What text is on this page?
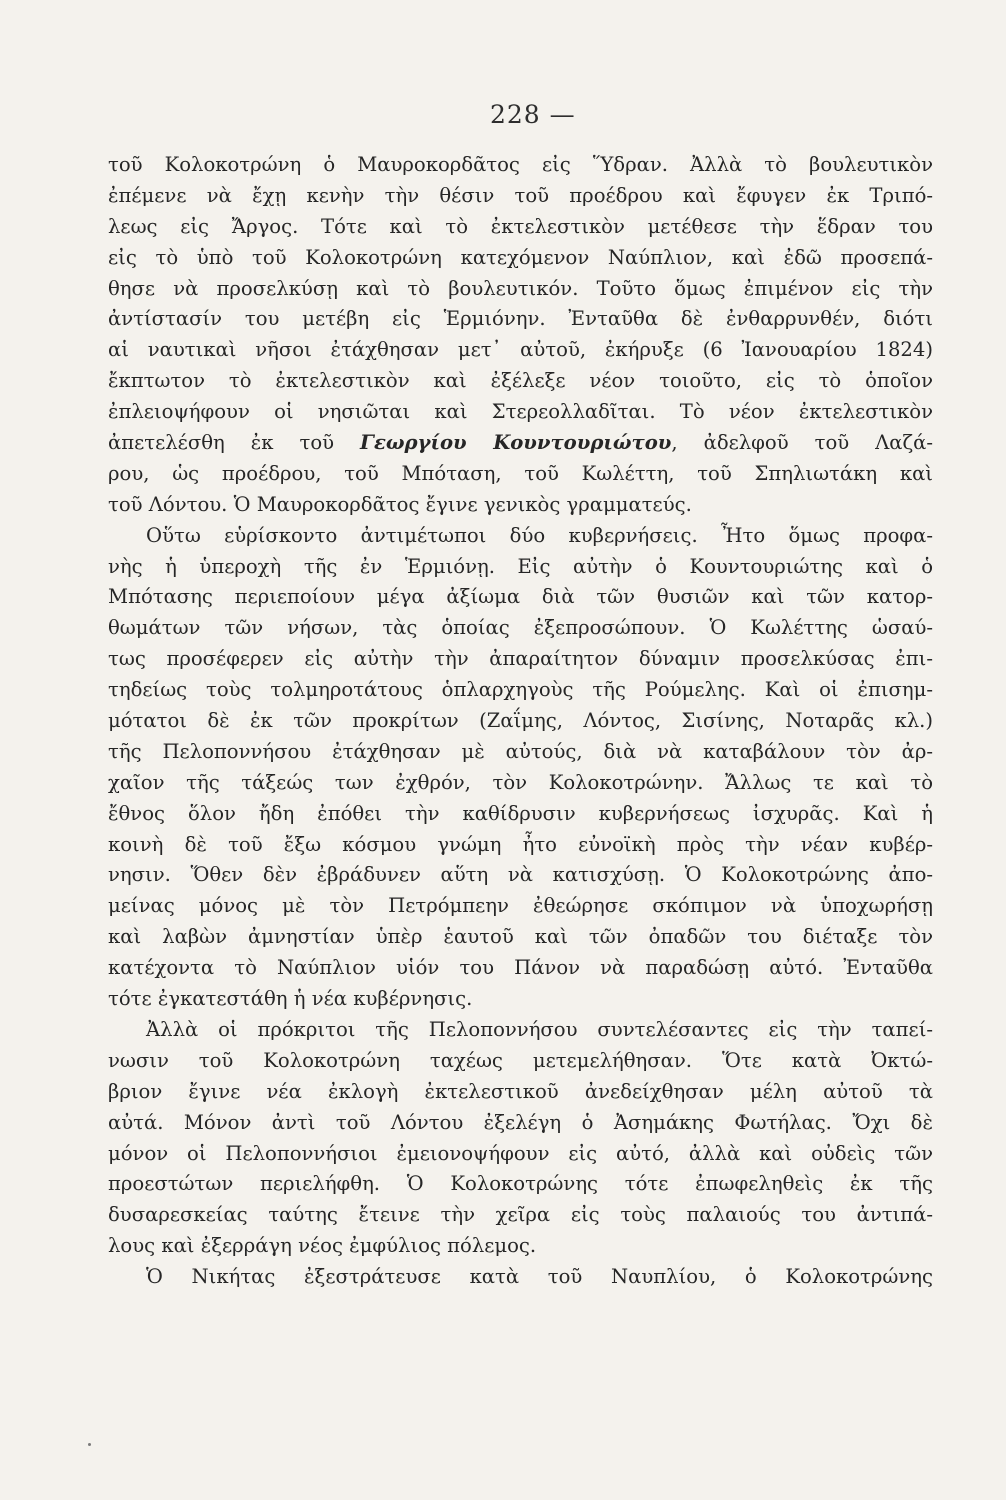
228 —
τοῦ Κολοκοτρώνη ὁ Μαυροκορδᾶτος εἰς Ὕδραν. Ἀλλὰ τὸ βουλευτικὸν
ἐπέμενε νὰ ἔχῃ κενὴν τὴν θέσιν τοῦ προέδρου καὶ ἔφυγεν ἐκ Τριπό-
λεως εἰς Ἄργος. Τότε καὶ τὸ ἐκτελεστικὸν μετέθεσε τὴν ἕδραν του
εἰς τὸ ὑπὸ τοῦ Κολοκοτρώνη κατεχόμενον Ναύπλιον, καὶ ἐδῶ προσεπά-
θησε νὰ προσελκύσῃ καὶ τὸ βουλευτικόν. Τοῦτο ὅμως ἐπιμένον εἰς τὴν
ἀντίστασίν του μετέβη εἰς Ἑρμιόνην. Ἐνταῦθα δὲ ἐνθαρρυνθέν, διότι
αἱ ναυτικαὶ νῆσοι ἐτάχθησαν μετ᾽ αὐτοῦ, ἐκήρυξε (6 Ἰανουαρίου 1824)
ἔκπτωτον τὸ ἐκτελεστικὸν καὶ ἐξέλεξε νέον τοιοῦτο, εἰς τὸ ὁποῖον
ἐπλειοψήφουν οἱ νησιῶται καὶ Στερεολλαδῖται. Τὸ νέον ἐκτελεστικὸν
ἀπετελέσθη ἐκ τοῦ Γεωργίου Κουντουριώτου, ἀδελφοῦ τοῦ Λαζά-
ρου, ὡς προέδρου, τοῦ Μπόταση, τοῦ Κωλέττη, τοῦ Σπηλιωτάκη καὶ
τοῦ Λόντου. Ὁ Μαυροκορδᾶτος ἔγινε γενικὸς γραμματεύς.
Οὕτω εὑρίσκοντο ἀντιμέτωποι δύο κυβερνήσεις. Ἦτο ὅμως προφα-
νὴς ἡ ὑπεροχὴ τῆς ἐν Ἑρμιόνῃ. Εἰς αὐτὴν ὁ Κουντουριώτης καὶ ὁ
Μπότασης περιεποίουν μέγα ἀξίωμα διὰ τῶν θυσιῶν καὶ τῶν κατορ-
θωμάτων τῶν νήσων, τὰς ὁποίας ἐξεπροσώπουν. Ὁ Κωλέττης ὡσαύ-
τως προσέφερεν εἰς αὐτὴν τὴν ἀπαραίτητον δύναμιν προσελκύσας ἐπι-
τηδείως τοὺς τολμηροτάτους ὁπλαρχηγοὺς τῆς Ρούμελης. Καὶ οἱ ἐπισημ-
μότατοι δὲ ἐκ τῶν προκρίτων (Ζαΐμης, Λόντος, Σισίνης, Νοταρᾶς κλ.)
τῆς Πελοποννήσου ἐτάχθησαν μὲ αὐτούς, διὰ νὰ καταβάλουν τὸν ἀρ-
χαῖον τῆς τάξεώς των ἐχθρόν, τὸν Κολοκοτρώνην. Ἄλλως τε καὶ τὸ
ἔθνος ὅλον ἤδη ἐπόθει τὴν καθίδρυσιν κυβερνήσεως ἰσχυρᾶς. Καὶ ἡ
κοινὴ δὲ τοῦ ἔξω κόσμου γνώμη ἦτο εὐνοϊκὴ πρὸς τὴν νέαν κυβέρ-
νησιν. Ὅθεν δὲν ἐβράδυνεν αὕτη νὰ κατισχύσῃ. Ὁ Κολοκοτρώνης ἀπο-
μείνας μόνος μὲ τὸν Πετρόμπεην ἐθεώρησε σκόπιμον νὰ ὑποχωρήσῃ
καὶ λαβὼν ἀμνηστίαν ὑπὲρ ἑαυτοῦ καὶ τῶν ὀπαδῶν του διέταξε τὸν
κατέχοντα τὸ Ναύπλιον υἱόν του Πάνον νὰ παραδώσῃ αὐτό. Ἐνταῦθα
τότε ἐγκατεστάθη ἡ νέα κυβέρνησις.
Ἀλλὰ οἱ πρόκριτοι τῆς Πελοποννήσου συντελέσαντες εἰς τὴν ταπεί-
νωσιν τοῦ Κολοκοτρώνη ταχέως μετεμελήθησαν. Ὅτε κατὰ Ὀκτώ-
βριον ἔγινε νέα ἐκλογὴ ἐκτελεστικοῦ ἀνεδείχθησαν μέλη αὐτοῦ τὰ
αὐτά. Μόνον ἀντὶ τοῦ Λόντου ἐξελέγη ὁ Ἀσημάκης Φωτήλας. Ὄχι δὲ
μόνον οἱ Πελοποννήσιοι ἐμειονοψήφουν εἰς αὐτό, ἀλλὰ καὶ οὐδεὶς τῶν
προεστώτων περιελήφθη. Ὁ Κολοκοτρώνης τότε ἐπωφεληθεὶς ἐκ τῆς
δυσαρεσκείας ταύτης ἔτεινε τὴν χεῖρα εἰς τοὺς παλαιούς του ἀντιπά-
λους καὶ ἐξερράγη νέος ἐμφύλιος πόλεμος.
Ὁ Νικήτας ἐξεστράτευσε κατὰ τοῦ Ναυπλίου, ὁ Κολοκοτρώνης
